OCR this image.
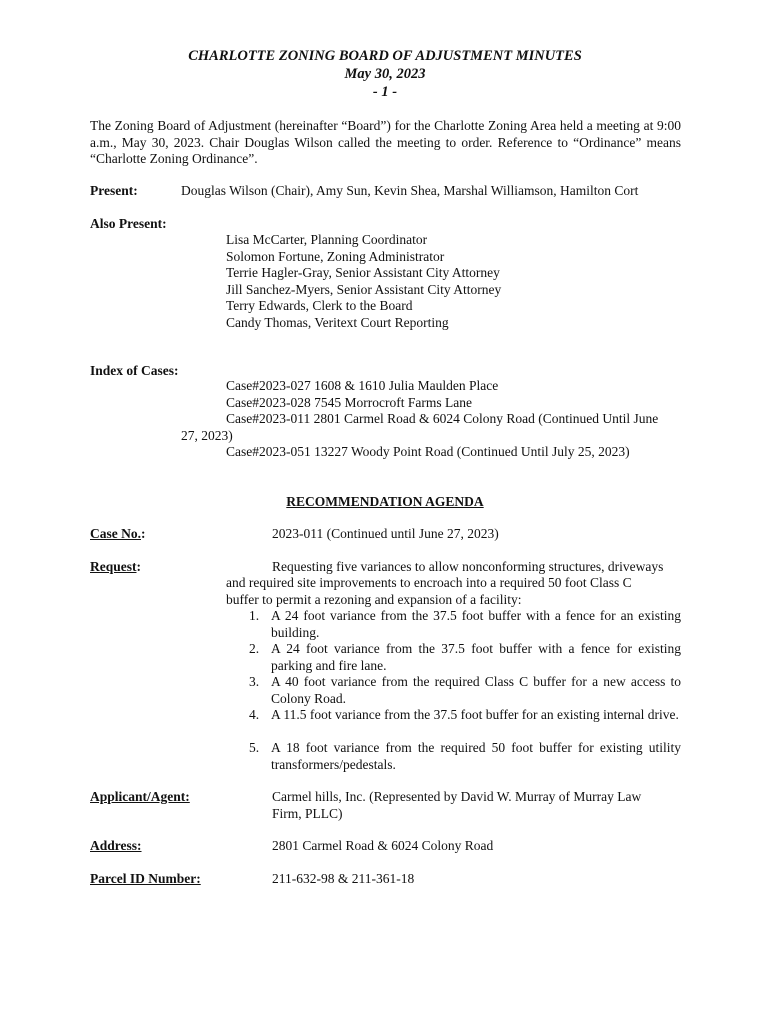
CHARLOTTE ZONING BOARD OF ADJUSTMENT MINUTES
May 30, 2023
- 1 -
The Zoning Board of Adjustment (hereinafter “Board”) for the Charlotte Zoning Area held a meeting at 9:00 a.m., May 30, 2023. Chair Douglas Wilson called the meeting to order. Reference to “Ordinance” means “Charlotte Zoning Ordinance”.
Present:	Douglas Wilson (Chair), Amy Sun, Kevin Shea, Marshal Williamson, Hamilton Cort
Also Present:
Lisa McCarter, Planning Coordinator
Solomon Fortune, Zoning Administrator
Terrie Hagler-Gray, Senior Assistant City Attorney
Jill Sanchez-Myers, Senior Assistant City Attorney
Terry Edwards, Clerk to the Board
Candy Thomas, Veritext Court Reporting
Index of Cases:
Case#2023-027 1608 & 1610 Julia Maulden Place
Case#2023-028 7545 Morrocroft Farms Lane
Case#2023-011 2801 Carmel Road & 6024 Colony Road (Continued Until June
27, 2023)
Case#2023-051 13227 Woody Point Road (Continued Until July 25, 2023)
RECOMMENDATION AGENDA
Case No.:	2023-011 (Continued until June 27, 2023)
Request:	Requesting five variances to allow nonconforming structures, driveways
and required site improvements to encroach into a required 50 foot Class C
buffer to permit a rezoning and expansion of a facility:
1. A 24 foot variance from the 37.5 foot buffer with a fence for an existing building.
2. A 24 foot variance from the 37.5 foot buffer with a fence for existing parking and fire lane.
3. A 40 foot variance from the required Class C buffer for a new access to Colony Road.
4. A 11.5 foot variance from the 37.5 foot buffer for an existing internal drive.
5. A 18 foot variance from the required 50 foot buffer for existing utility transformers/pedestals.
Applicant/Agent:	Carmel hills, Inc. (Represented by David W. Murray of Murray Law Firm, PLLC)
Address:	2801 Carmel Road & 6024 Colony Road
Parcel ID Number:	211-632-98 & 211-361-18
